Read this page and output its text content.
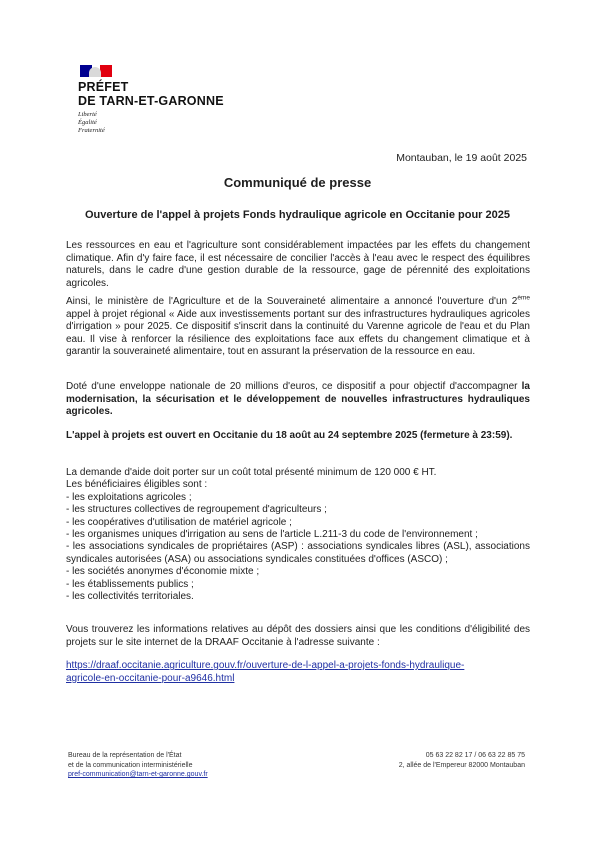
PRÉFET
DE TARN-ET-GARONNE
Liberté
Égalité
Fraternité
Montauban, le 19 août 2025
Communiqué de presse
Ouverture de l'appel à projets Fonds hydraulique agricole en Occitanie pour 2025
Les ressources en eau et l'agriculture sont considérablement impactées par les effets du changement climatique. Afin d'y faire face, il est nécessaire de concilier l'accès à l'eau avec le respect des équilibres naturels, dans le cadre d'une gestion durable de la ressource, gage de pérennité des exploitations agricoles.
Ainsi, le ministère de l'Agriculture et de la Souveraineté alimentaire a annoncé l'ouverture d'un 2ème appel à projet régional « Aide aux investissements portant sur des infrastructures hydrauliques agricoles d'irrigation » pour 2025. Ce dispositif s'inscrit dans la continuité du Varenne agricole de l'eau et du Plan eau. Il vise à renforcer la résilience des exploitations face aux effets du changement climatique et à garantir la souveraineté alimentaire, tout en assurant la préservation de la ressource en eau.
Doté d'une enveloppe nationale de 20 millions d'euros, ce dispositif a pour objectif d'accompagner la modernisation, la sécurisation et le développement de nouvelles infrastructures hydrauliques agricoles.
L'appel à projets est ouvert en Occitanie du 18 août au 24 septembre 2025 (fermeture à 23:59).
La demande d'aide doit porter sur un coût total présenté minimum de 120 000 € HT.
Les bénéficiaires éligibles sont :
- les exploitations agricoles ;
- les structures collectives de regroupement d'agriculteurs ;
- les coopératives d'utilisation de matériel agricole ;
- les organismes uniques d'irrigation au sens de l'article L.211-3 du code de l'environnement ;
- les associations syndicales de propriétaires (ASP) : associations syndicales libres (ASL), associations syndicales autorisées (ASA) ou associations syndicales constituées d'offices (ASCO) ;
- les sociétés anonymes d'économie mixte ;
- les établissements publics ;
- les collectivités territoriales.
Vous trouverez les informations relatives au dépôt des dossiers ainsi que les conditions d'éligibilité des projets sur le site internet de la DRAAF Occitanie à l'adresse suivante :
https://draaf.occitanie.agriculture.gouv.fr/ouverture-de-l-appel-a-projets-fonds-hydraulique-
agricole-en-occitanie-pour-a9646.html
Bureau de la représentation de l'État
et de la communication interministérielle
pref-communication@tarn-et-garonne.gouv.fr
05 63 22 82 17 / 06 63 22 85 75
2, allée de l'Empereur 82000 Montauban
